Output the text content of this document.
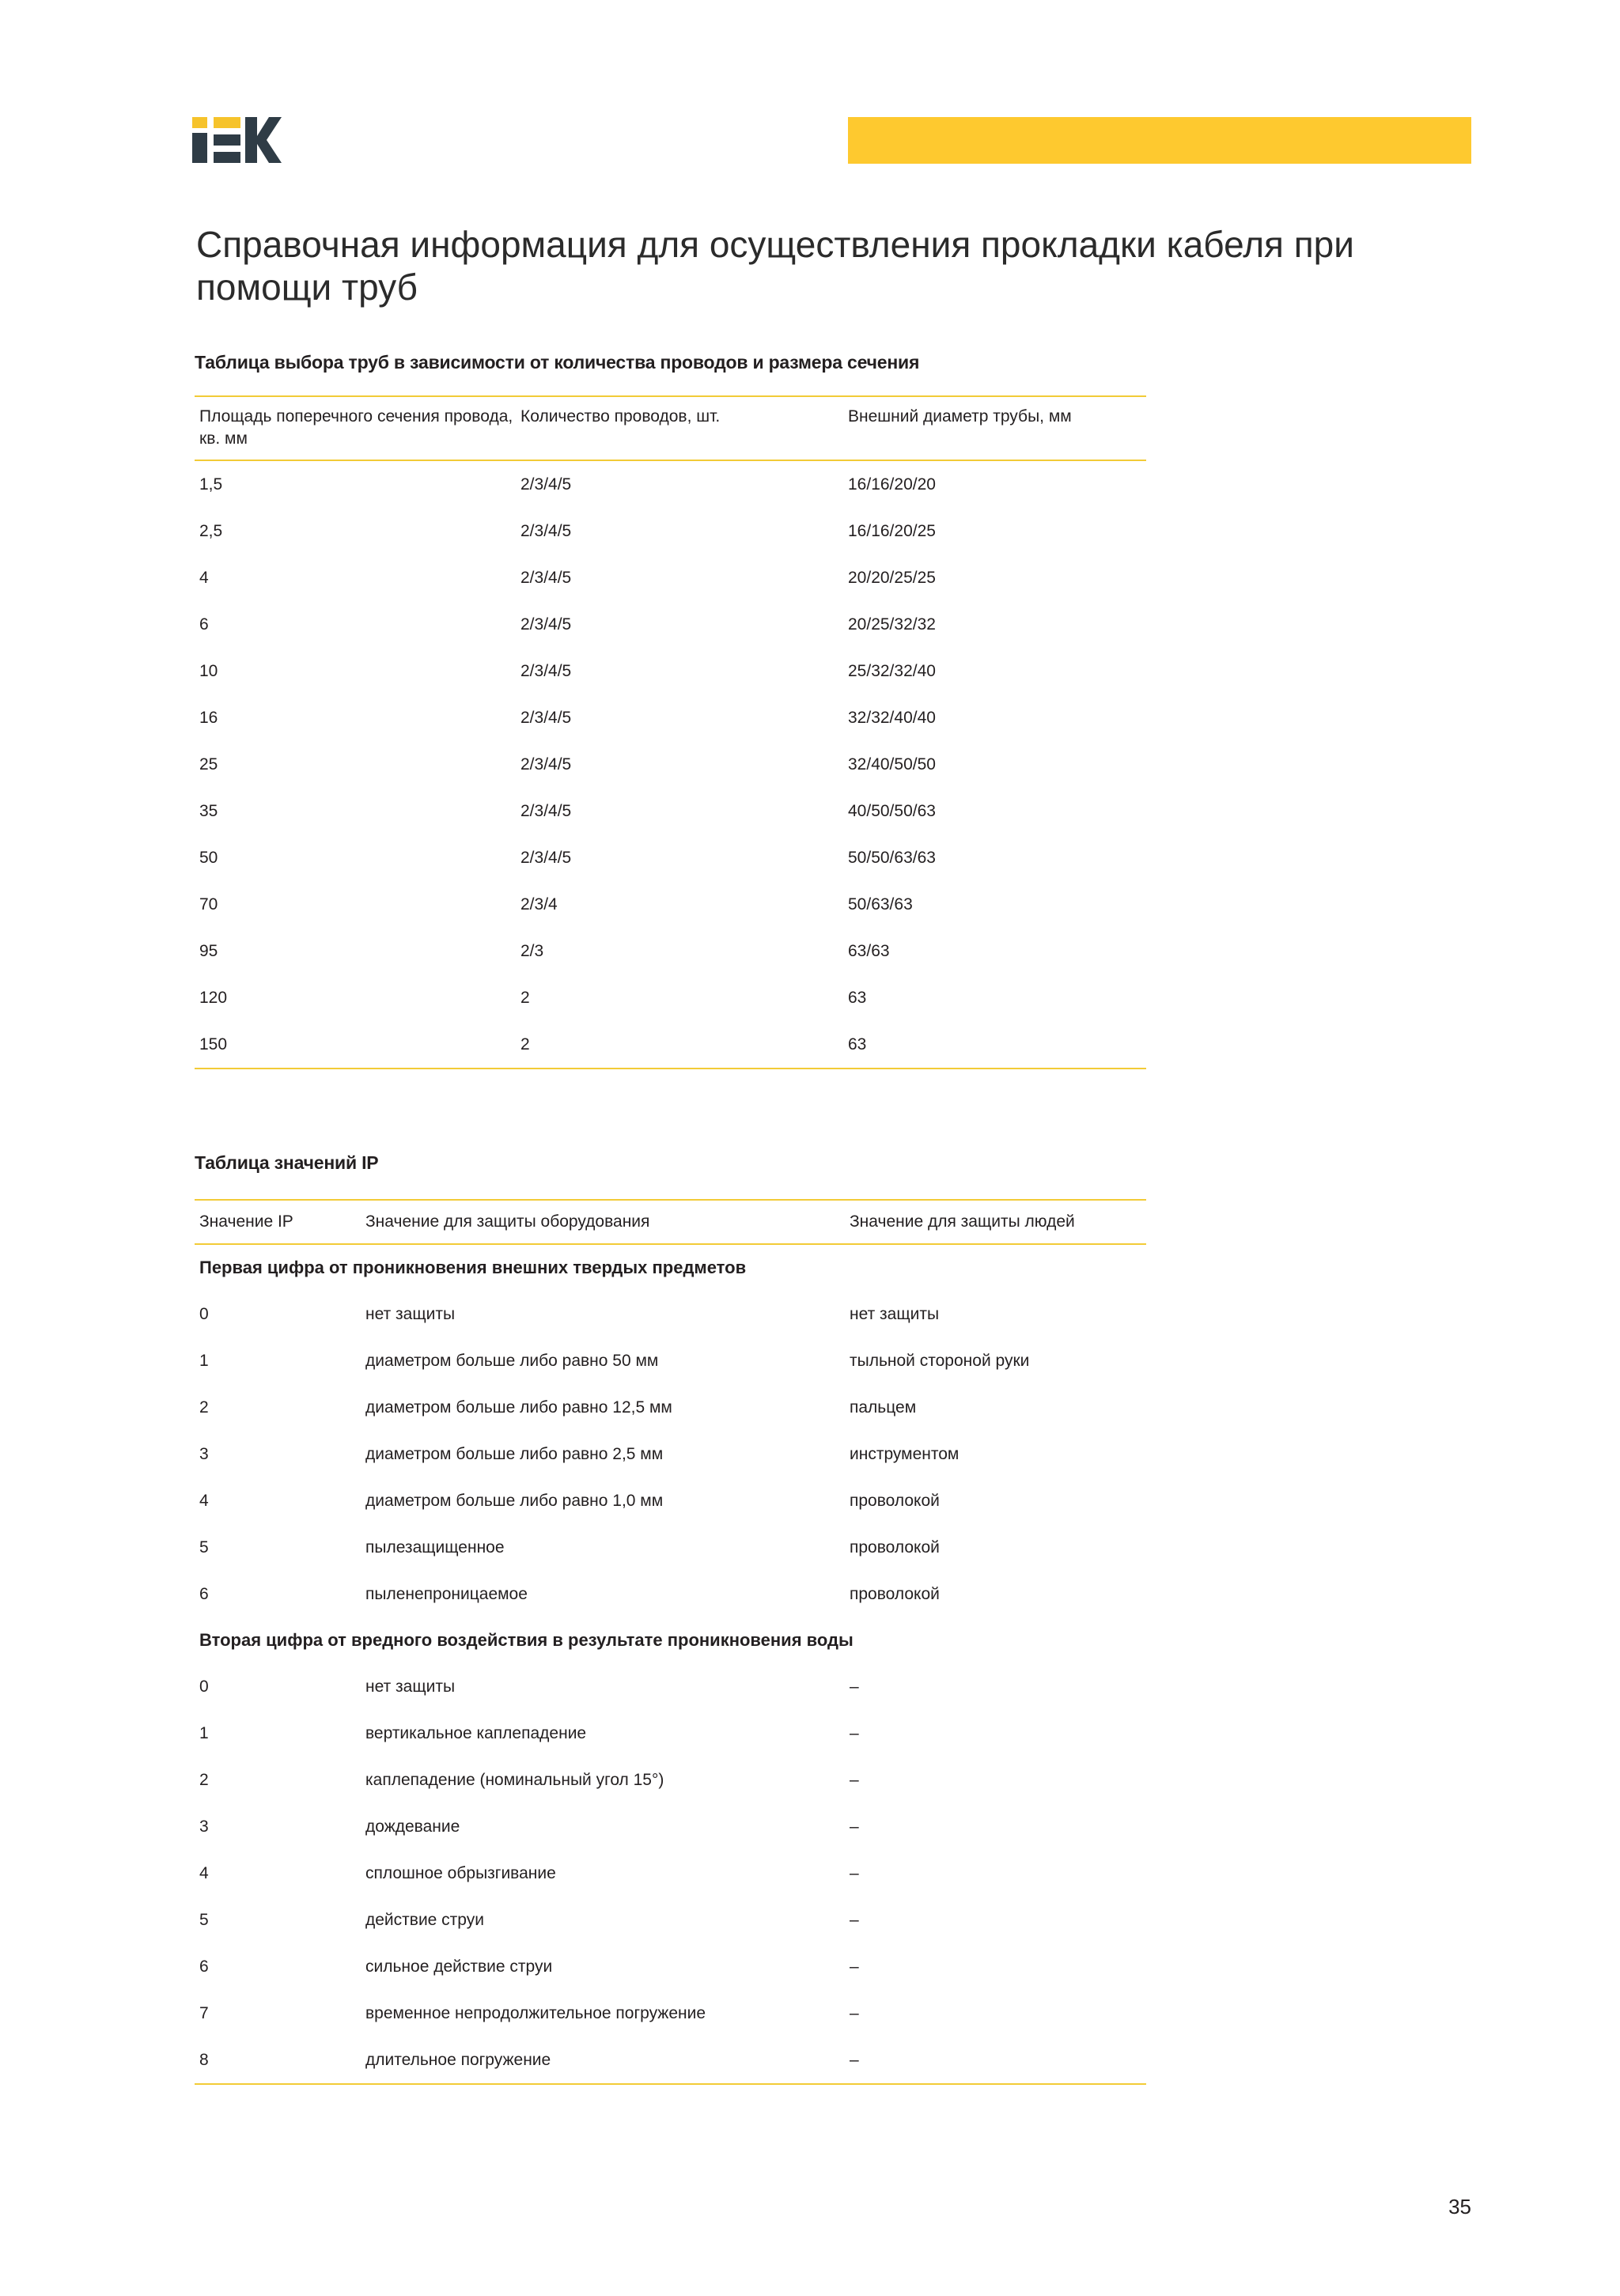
Справочная информация для осуществления прокладки кабеля при помощи труб
Таблица выбора труб в зависимости от количества проводов и размера сечения
Площадь поперечного сечения провода, кв. мм	Количество проводов, шт.	Внешний диаметр трубы, мм
1,5	2/3/4/5	16/16/20/20
2,5	2/3/4/5	16/16/20/25
4	2/3/4/5	20/20/25/25
6	2/3/4/5	20/25/32/32
10	2/3/4/5	25/32/32/40
16	2/3/4/5	32/32/40/40
25	2/3/4/5	32/40/50/50
35	2/3/4/5	40/50/50/63
50	2/3/4/5	50/50/63/63
70	2/3/4	50/63/63
95	2/3	63/63
120	2	63
150	2	63
Таблица значений IP
Значение IP	Значение для защиты оборудования	Значение для защиты людей
Первая цифра от проникновения внешних твердых предметов		
0	нет защиты	нет защиты
1	диаметром больше либо равно 50 мм	тыльной стороной руки
2	диаметром больше либо равно 12,5 мм	пальцем
3	диаметром больше либо равно 2,5 мм	инструментом
4	диаметром больше либо равно 1,0 мм	проволокой
5	пылезащищенное	проволокой
6	пыленепроницаемое	проволокой
Вторая цифра от вредного воздействия в результате проникновения воды		
0	нет защиты	–
1	вертикальное каплепадение	–
2	каплепадение (номинальный угол 15°)	–
3	дождевание	–
4	сплошное обрызгивание	–
5	действие струи	–
6	сильное действие струи	–
7	временное непродолжительное погружение	–
8	длительное погружение	–
35
